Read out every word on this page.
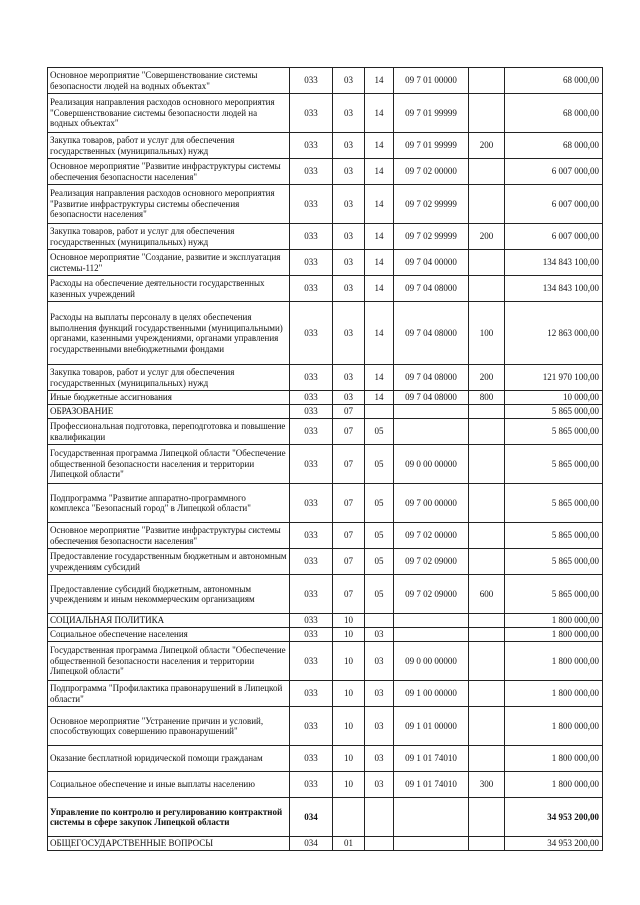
Основное мероприятие "Совершенствование системы безопасности людей на водных объектах"	033	03	14	09 7 01 00000		68 000,00
Реализация направления расходов основного мероприятия "Совершенствование системы безопасности людей на водных объектах"	033	03	14	09 7 01 99999		68 000,00
Закупка товаров, работ и услуг для обеспечения государственных (муниципальных) нужд	033	03	14	09 7 01 99999	200	68 000,00
Основное мероприятие "Развитие инфраструктуры системы обеспечения безопасности населения"	033	03	14	09 7 02 00000		6 007 000,00
Реализация направления расходов основного мероприятия "Развитие инфраструктуры системы обеспечения безопасности населения"	033	03	14	09 7 02 99999		6 007 000,00
Закупка товаров, работ и услуг для обеспечения государственных (муниципальных) нужд	033	03	14	09 7 02 99999	200	6 007 000,00
Основное мероприятие "Создание, развитие и эксплуатация системы-112"	033	03	14	09 7 04 00000		134 843 100,00
Расходы на обеспечение деятельности государственных казенных учреждений	033	03	14	09 7 04 08000		134 843 100,00
Расходы на выплаты персоналу в целях обеспечения выполнения функций государственными (муниципальными) органами, казенными учреждениями, органами управления государственными внебюджетными фондами	033	03	14	09 7 04 08000	100	12 863 000,00
Закупка товаров, работ и услуг для обеспечения государственных (муниципальных) нужд	033	03	14	09 7 04 08000	200	121 970 100,00
Иные бюджетные ассигнования	033	03	14	09 7 04 08000	800	10 000,00
ОБРАЗОВАНИЕ	033	07				5 865 000,00
Профессиональная подготовка, переподготовка и повышение квалификации	033	07	05			5 865 000,00
Государственная программа Липецкой области "Обеспечение общественной безопасности населения и территории Липецкой области"	033	07	05	09 0 00 00000		5 865 000,00
Подпрограмма "Развитие аппаратно-программного комплекса "Безопасный город" в Липецкой области"	033	07	05	09 7 00 00000		5 865 000,00
Основное мероприятие "Развитие инфраструктуры системы обеспечения безопасности населения"	033	07	05	09 7 02 00000		5 865 000,00
Предоставление государственным бюджетным и автономным учреждениям субсидий	033	07	05	09 7 02 09000		5 865 000,00
Предоставление субсидий бюджетным, автономным учреждениям и иным некоммерческим организациям	033	07	05	09 7 02 09000	600	5 865 000,00
СОЦИАЛЬНАЯ ПОЛИТИКА	033	10				1 800 000,00
Социальное обеспечение населения	033	10	03			1 800 000,00
Государственная программа Липецкой области "Обеспечение общественной безопасности населения и территории Липецкой области"	033	10	03	09 0 00 00000		1 800 000,00
Подпрограмма "Профилактика правонарушений в Липецкой области"	033	10	03	09 1 00 00000		1 800 000,00
Основное мероприятие "Устранение причин и условий, способствующих совершению правонарушений"	033	10	03	09 1 01 00000		1 800 000,00
Оказание бесплатной юридической помощи гражданам	033	10	03	09 1 01 74010		1 800 000,00
Социальное обеспечение и иные выплаты населению	033	10	03	09 1 01 74010	300	1 800 000,00
Управление по контролю и регулированию контрактной системы в сфере закупок Липецкой области	034					34 953 200,00
ОБЩЕГОСУДАРСТВЕННЫЕ ВОПРОСЫ	034	01				34 953 200,00
